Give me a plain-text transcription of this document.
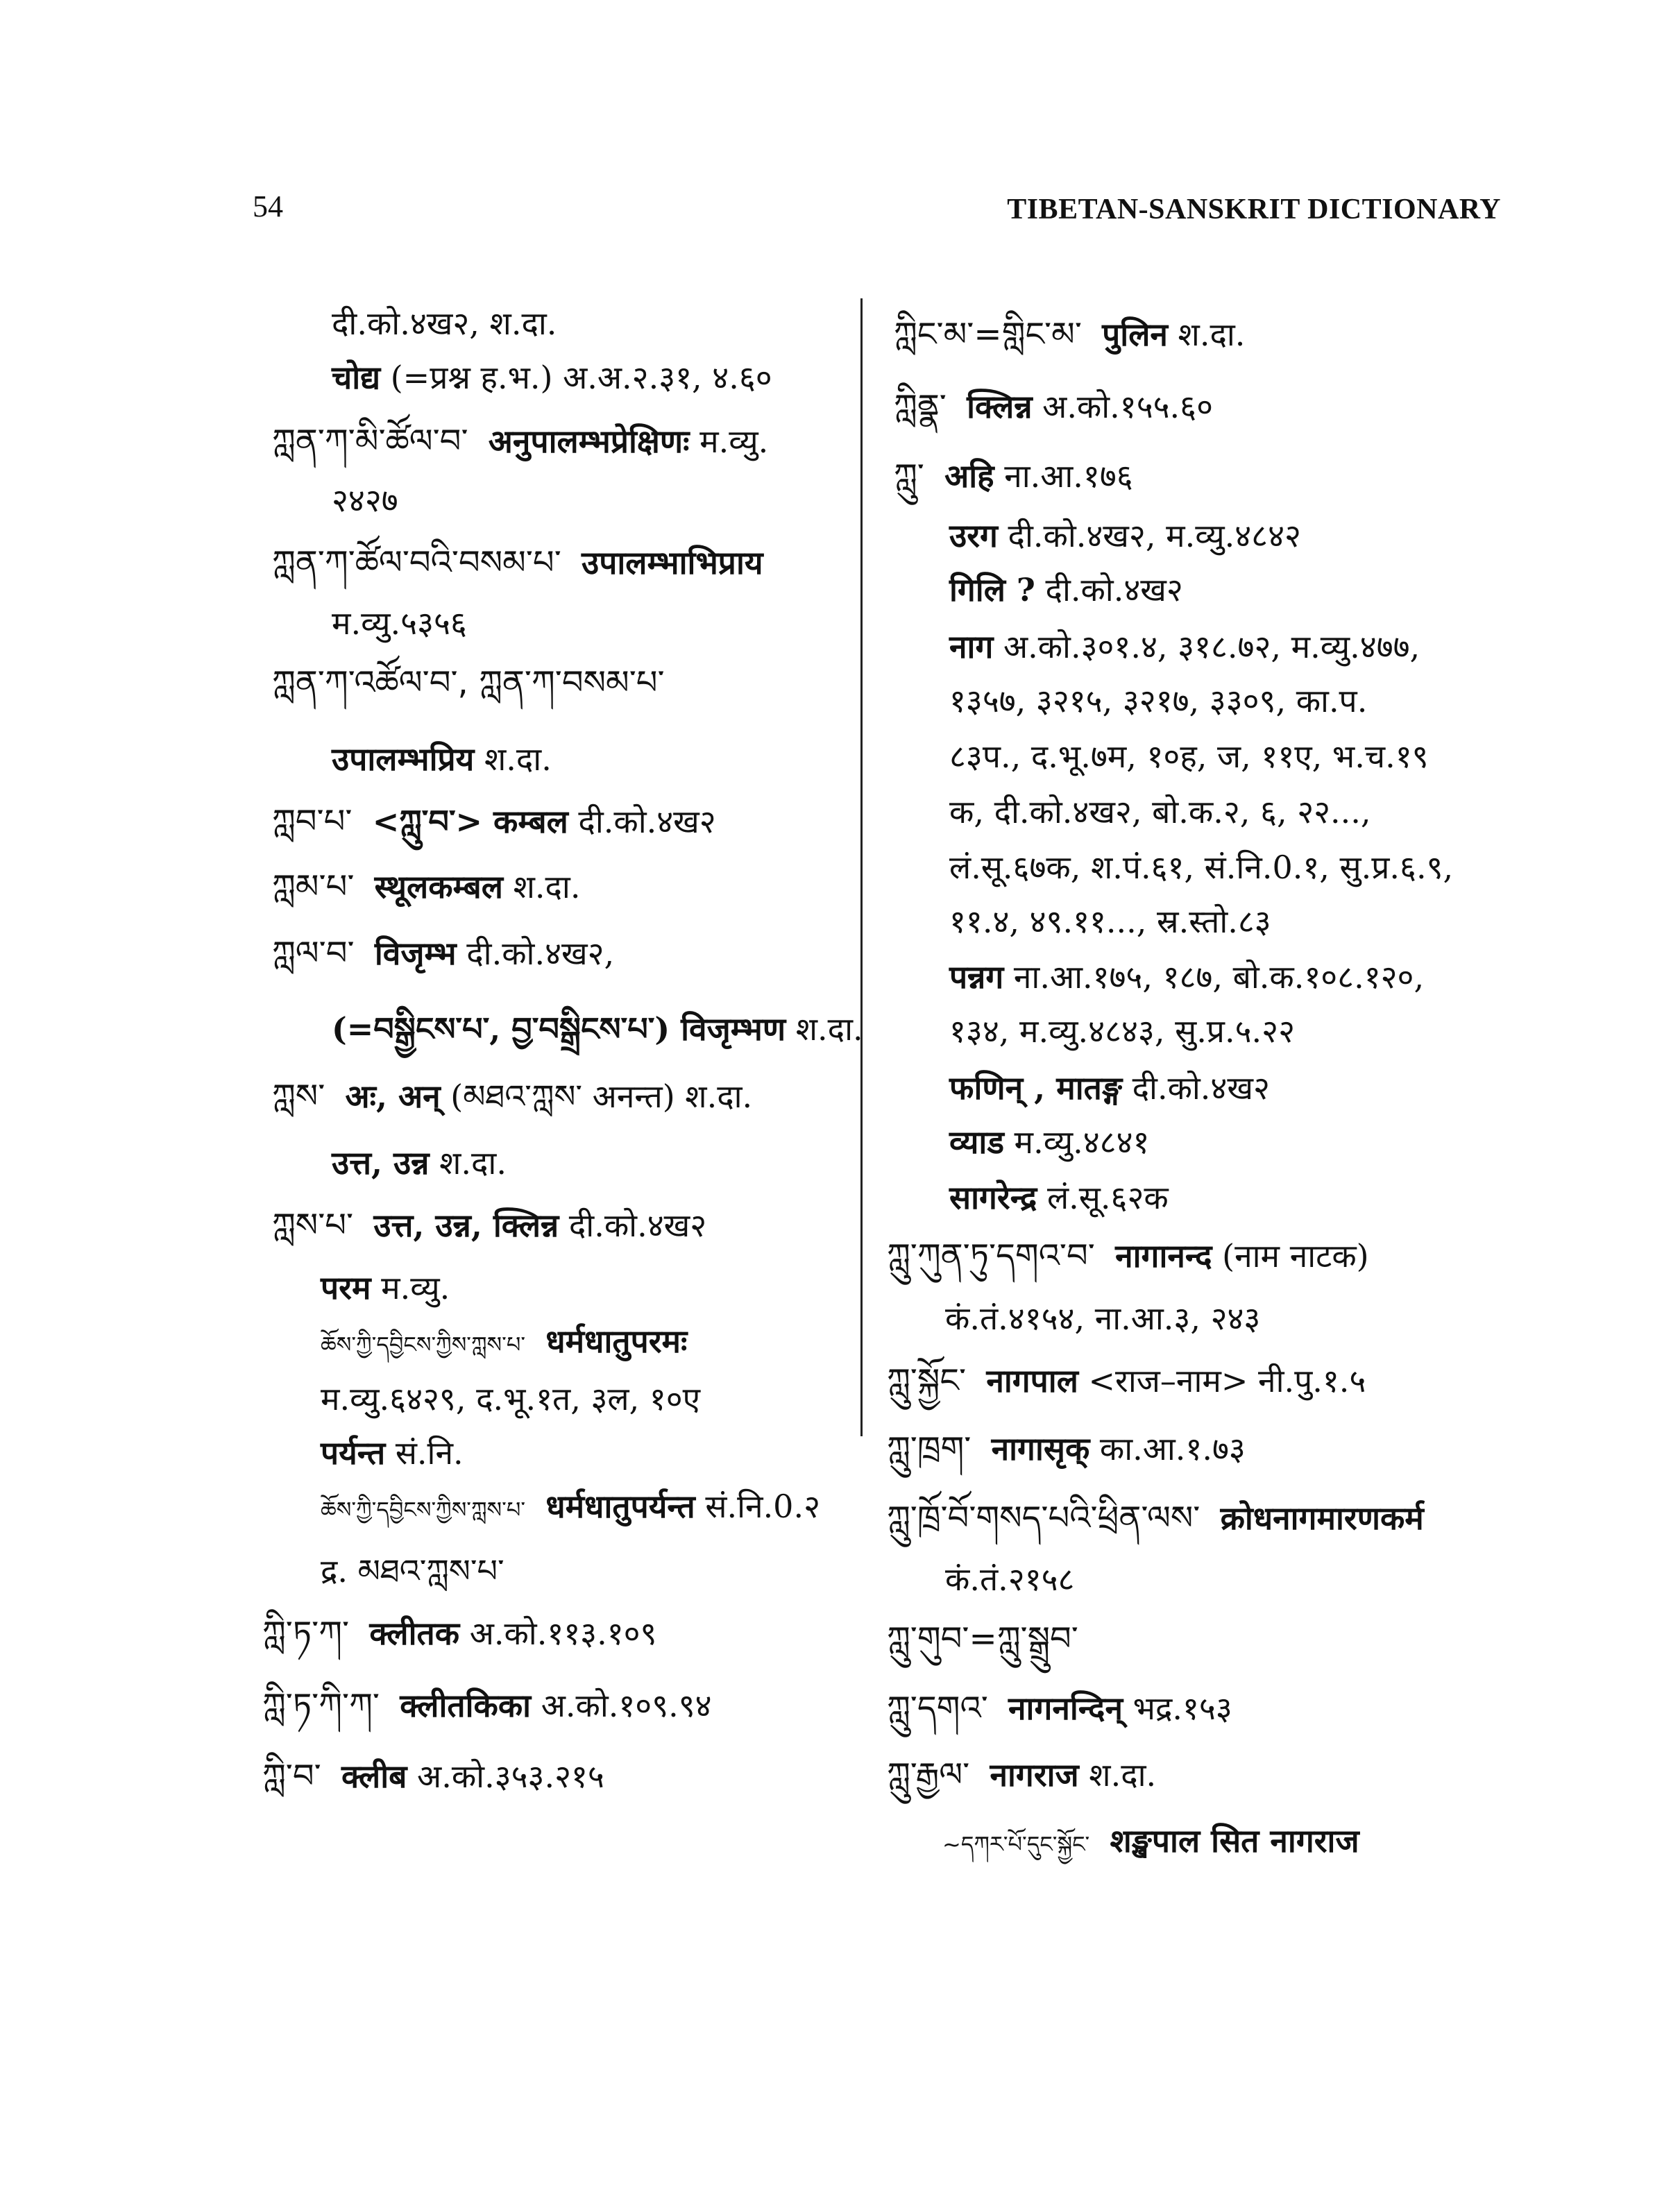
54	TIBETAN-SANSKRIT DICTIONARY
दी.को.४ख२, श.दा.
चोद्य (=प्रश्न ह.भ.) अ.अ.२.३१, ४.६०
ཀླན་ཀ་མི་ཚོལ་བ་ अनुपालम्भप्रेक्षिणः म.व्यु.
२४२७
ཀླན་ཀ་ཚོལ་བའི་བསམ་པ་ उपालम्भाभिप्राय
म.व्यु.५३५६
ཀླན་ཀ་འཚོལ་བ་, ཀླན་ཀ་བསམ་པ་
उपालम्भप्रिय श.दा.
ཀླབ་པ་ <ཀླུ་བ་> कम्बल दी.को.४ख२
ཀླམ་པ་ स्थूलकम्बल श.दा.
ཀླལ་བ་ विजृम्भ दी.को.४ख२,
(=བསྒྱིངས་པ་, བྱ་བསྒྲིངས་པ་) विजृम्भण श.दा.
ཀླས་ अः, अन् (མཐའ་ཀླས་ अनन्त) श.दा.
उत्त, उन्न श.दा.
ཀླས་པ་ उत्त, उन्न, क्लिन्न दी.को.४ख२
परम म.व्यु.
ཆོས་ཀྱི་དབྱིངས་ཀྱིས་ཀླས་པ་ धर्मधातुपरमः
म.व्यु.६४२९, द.भू.१त, ३ल, १०ए
पर्यन्त सं.नि.
ཆོས་ཀྱི་དབྱིངས་ཀྱིས་ཀླས་པ་ धर्मधातुपर्यन्त सं.नि.0.२
द्र. མཐའ་ཀླས་པ་
ཀླི་ཏ་ཀ་ क्लीतक अ.को.११३.१०९
ཀླི་ཏ་ཀི་ཀ་ क्लीतकिका अ.को.१०९.९४
ཀླི་བ་ क्लीब अ.को.३५३.२१५
ཀླིང་མ་=གླིང་མ་ पुलिन श.दा.
ཀླིནྣ་ क्लिन्न अ.को.१५५.६०
ཀླུ་ अहि ना.आ.१७६
उरग दी.को.४ख२, म.व्यु.४८४२
गिलि ? दी.को.४ख२
नाग अ.को.३०१.४, ३१८.७२, म.व्यु.४७७,
१३५७, ३२१५, ३२१७, ३३०९, का.प.
८३प., द.भू.७म, १०ह, ज, ११ए, भ.च.१९
क, दी.को.४ख२, बो.क.२, ६, २२...,
लं.सू.६७क, श.पं.६१, सं.नि.0.१, सु.प्र.६.९,
११.४, ४९.११..., स्र.स्तो.८३
पन्नग ना.आ.१७५, १८७, बो.क.१०८.१२०,
१३४, म.व्यु.४८४३, सु.प्र.५.२२
फणिन् , मातङ्ग दी.को.४ख२
व्याड म.व्यु.४८४१
सागरेन्द्र लं.सू.६२क
ཀླུ་ཀུན་ཏུ་དགའ་བ་ नागानन्द (नाम नाटक)
कं.तं.४१५४, ना.आ.३, २४३
ཀླུ་སྐྱོང་ नागपाल <राज–नाम> नी.पु.१.५
ཀླུ་ཁྲག་ नागासृक् का.आ.१.७३
ཀླུ་ཁྲོ་བོ་གསད་པའི་ཕྲིན་ལས་ क्रोधनागमारणकर्म
कं.तं.२१५८
ཀླུ་གུབ་=ཀླུ་སྒྲུབ་
ཀླུ་དགའ་ नागनन्दिन् भद्र.१५३
ཀླུ་རྒྱལ་ नागराज श.दा.
~དཀར་པོ་དུང་སྐྱོང་ शङ्खपाल सित नागराज
